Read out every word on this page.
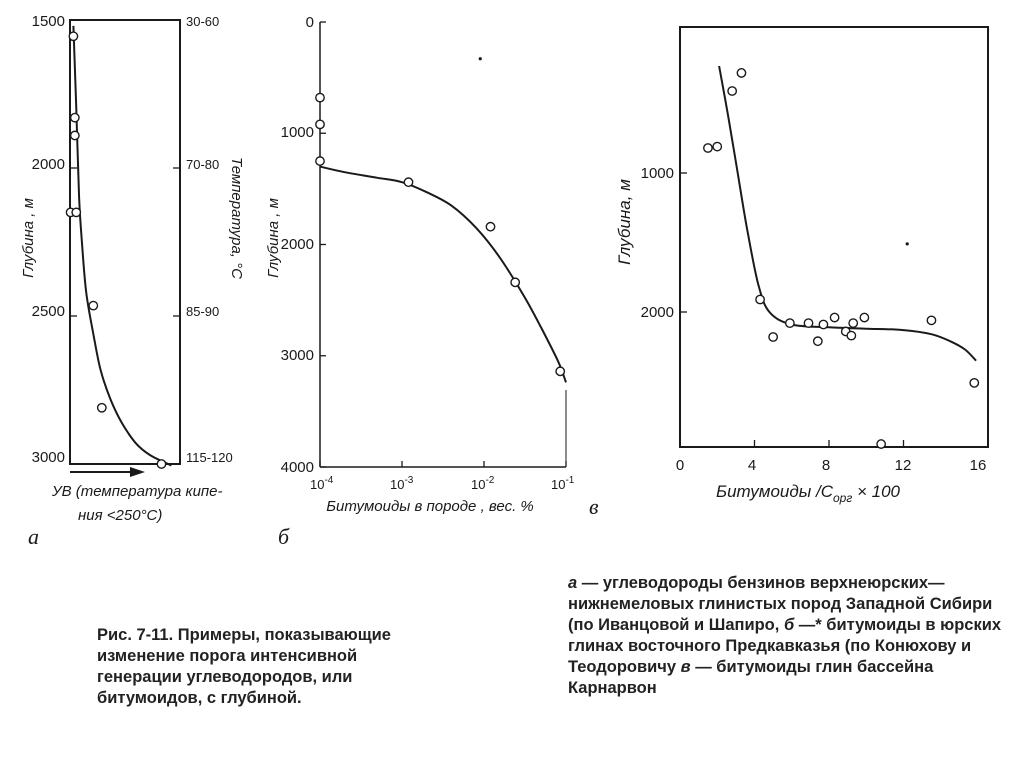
1500
2000
2500
3000
30-60
70-80
85-90
115-120
Глубина , м	Температура, °С
УВ (температура кипе-
ния <250°С)
а
0
1000
2000
3000
4000
$10^{-4}$	$10^{-3}$	$10^{-2}$	$10^{-1}$
Глубина , м
Битумоиды в породе , вес. %
б
в
1000
2000
0	4	8	12	16
Глубина, м
Битумоиды $/С_{орг} \times 100$
Рис. 7-11. Примеры, показывающие изменение порога интенсивной генерации углеводородов, или битумоидов, с глубиной.
а — углеводороды бензинов верхнеюрских—нижнемеловых глинистых пород Западной Сибири (по Иванцовой и Шапиро, б —* битумоиды в юрских глинах восточного Предкавказья (по Конюхову и Теодоровичу в — битумоиды глин бассейна Карнарвон
